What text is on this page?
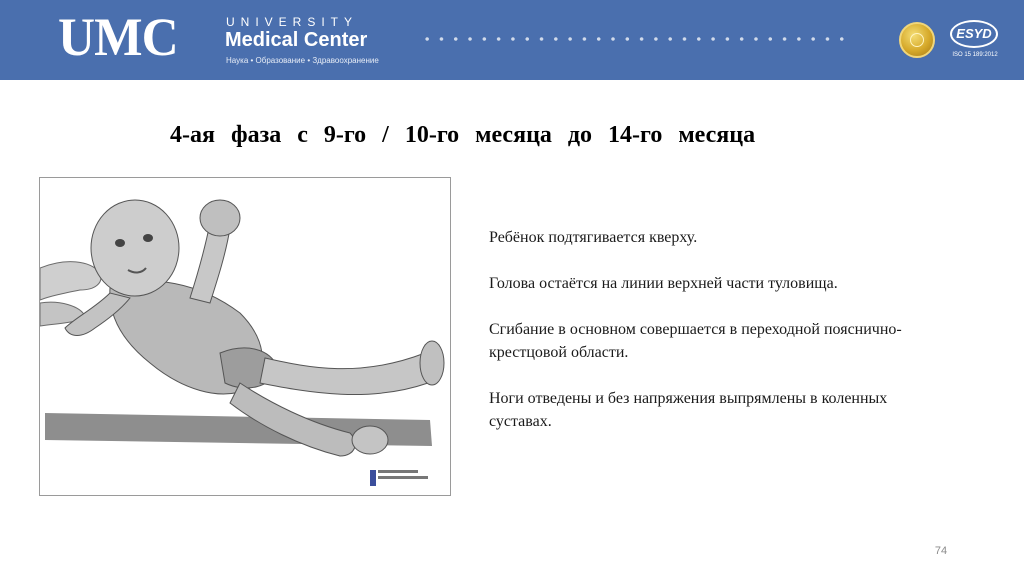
UMC	UNIVERSITY
Medical Center
Наука • Образование • Здравоохранение
ESYD
ISO 15 189:2012
4-ая фаза с 9-го / 10-го месяца до 14-го месяца

Ребёнок подтягивается кверху.

Голова остаётся на линии верхней части туловища.

Сгибание в основном совершается в переходной пояснично-крестцовой области.

Ноги отведены и без напряжения выпрямлены в коленных суставах.

74
